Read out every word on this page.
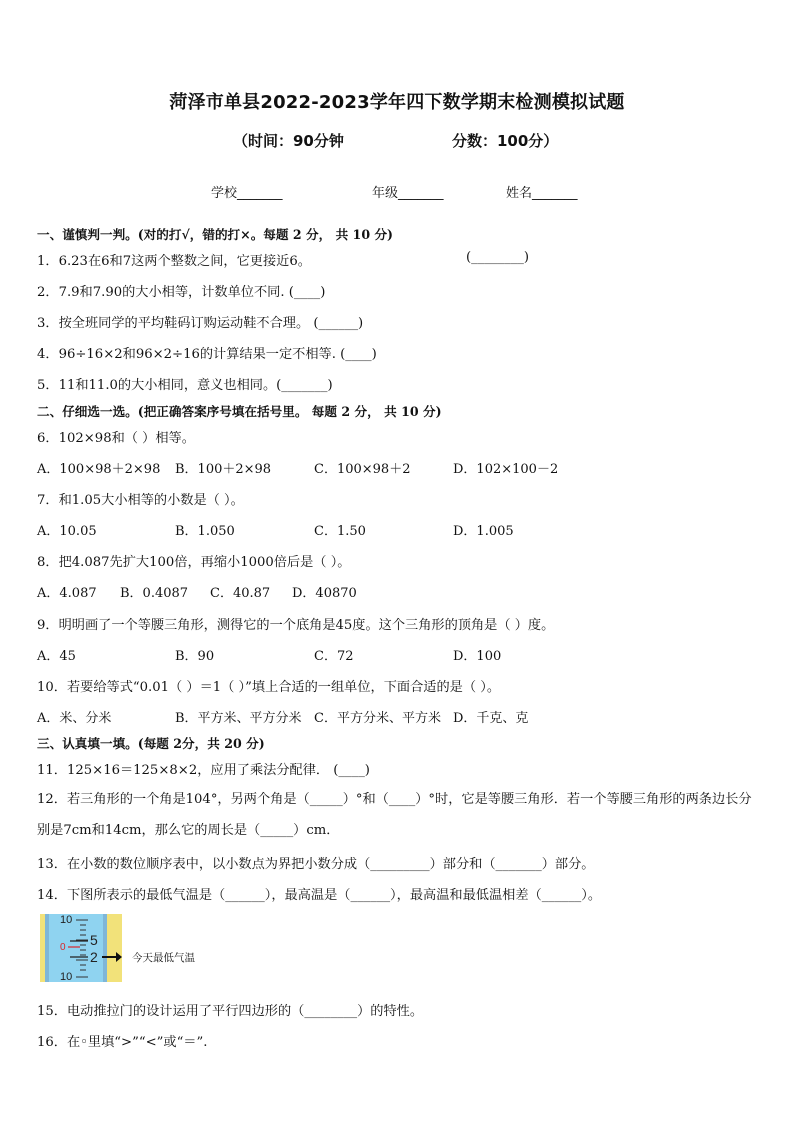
菏泽市单县2022-2023学年四下数学期末检测模拟试题
（时间：90分钟	分数：100分）
学校_______	年级_______	姓名_______
一、谨慎判一判。(对的打√，错的打×。每题 2 分， 共 10 分)
1．6.23在6和7这两个整数之间，它更接近6。	(________)
2．7.9和7.90的大小相等，计数单位不同. (____)
3．按全班同学的平均鞋码订购运动鞋不合理。 (______)
4．96÷16×2和96×2÷16的计算结果一定不相等. (____)
5．11和11.0的大小相同，意义也相同。(_______)
二、仔细选一选。(把正确答案序号填在括号里。 每题 2 分， 共 10 分)
6．102×98和（ ）相等。
A．100×98＋2×98 B．100＋2×98	C．100×98＋2	D．102×100－2
7．和1.05大小相等的小数是（ ）。
A．10.05	B．1.050	C．1.50	D．1.005
8．把4.087先扩大100倍，再缩小1000倍后是（ ）。
A．4.087 B．0.4087 C．40.87 D．40870
9．明明画了一个等腰三角形，测得它的一个底角是45度。这个三角形的顶角是（ ）度。
A．45	B．90	C．72	D．100
10．若要给等式“0.01（ ）＝1（ ）”填上合适的一组单位，下面合适的是（ ）。
A．米、分米	B．平方米、平方分米 C．平方分米、平方米 D．千克、克
三、认真填一填。(每题 2分，共 20 分)
11．125×16＝125×8×2，应用了乘法分配律． (____)
12．若三角形的一个角是104°，另两个角是（_____）°和（____）°时，它是等腰三角形．若一个等腰三角形的两条边长分别是7cm和14cm，那么它的周长是（_____）cm．
13．在小数的数位顺序表中，以小数点为界把小数分成（_________）部分和（_______）部分。
14．下图所表示的最低气温是（______），最高温是（______），最高温和最低温相差（______）。
10
0 5
2
10
今天最低气温
15．电动推拉门的设计运用了平行四边形的（________）的特性。
16．在◦里填“>”“<”或“＝”.
